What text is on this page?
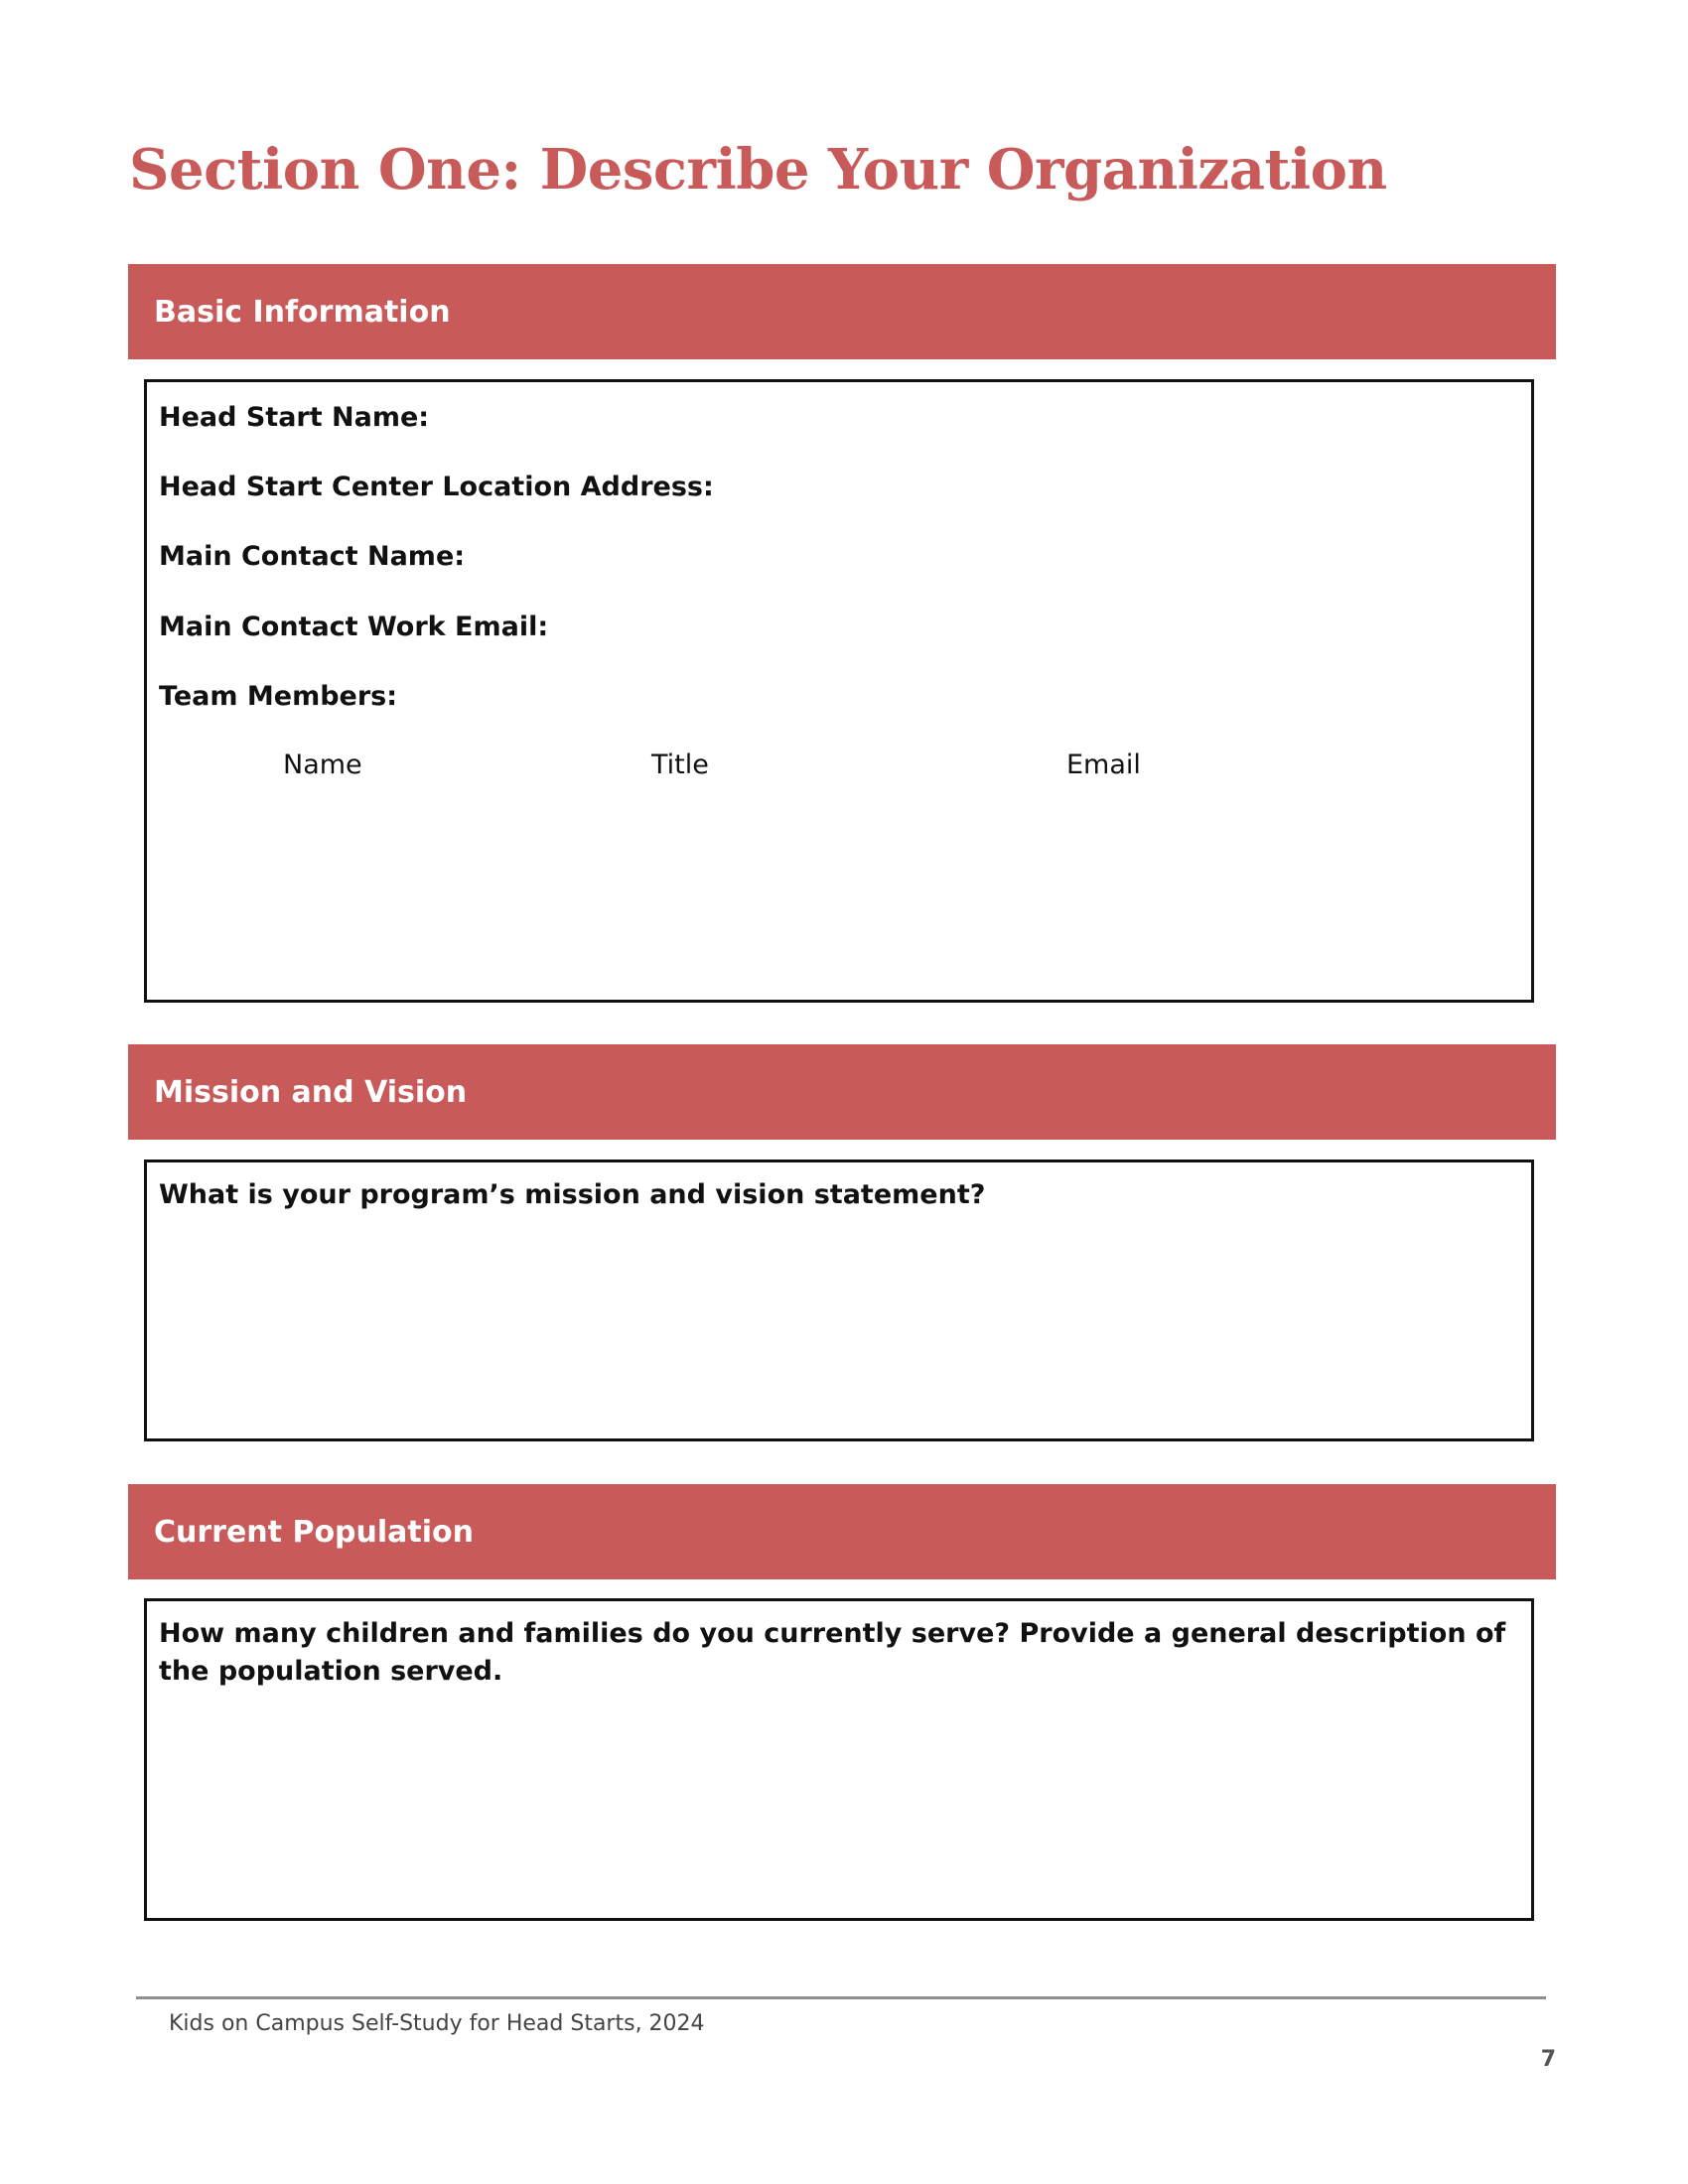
Section One: Describe Your Organization
Basic Information

Head Start Name:

Head Start Center Location Address:

Main Contact Name:

Main Contact Work Email:

Team Members:

Name	Title	Email
Mission and Vision

What is your program’s mission and vision statement?

Current Population

How many children and families do you currently serve? Provide a general description of the population served.

Kids on Campus Self-Study for Head Starts, 2024
7
